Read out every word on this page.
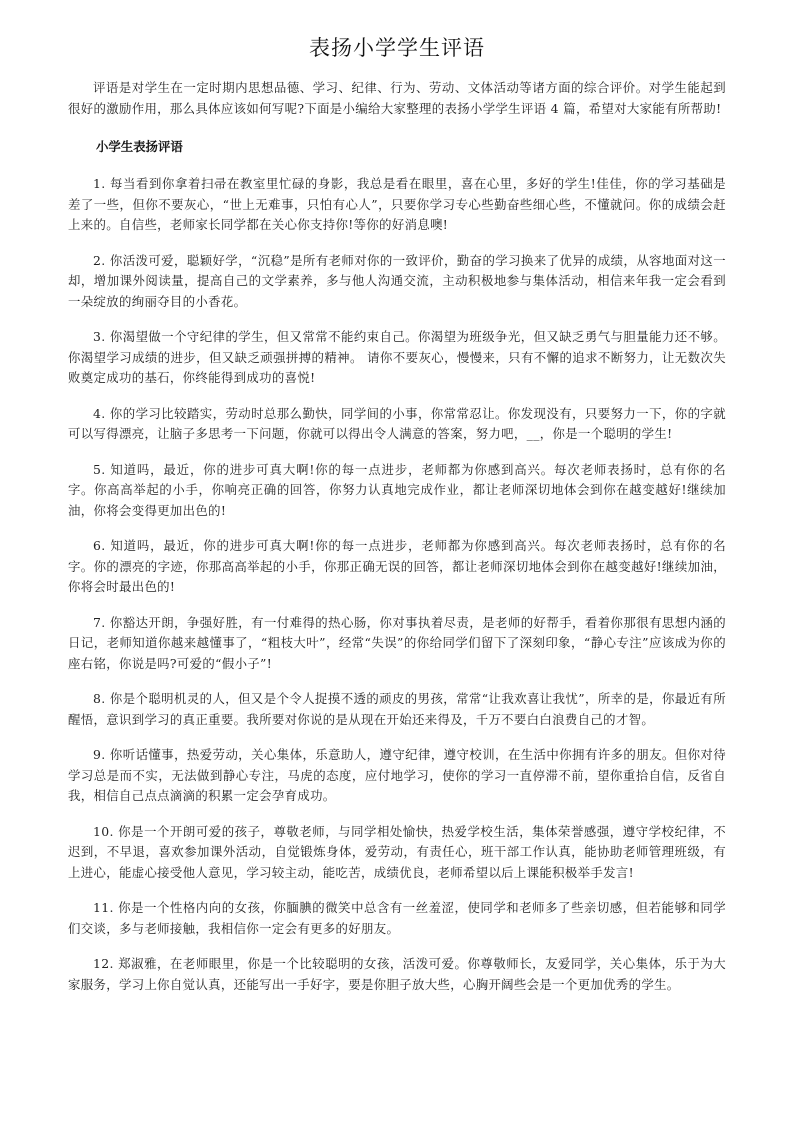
表扬小学学生评语

评语是对学生在一定时期内思想品德、学习、纪律、行为、劳动、文体活动等诸方面的综合评价。对学生能起到很好的激励作用，那么具体应该如何写呢?下面是小编给大家整理的表扬小学学生评语 4 篇，希望对大家能有所帮助!

小学生表扬评语

1. 每当看到你拿着扫帚在教室里忙碌的身影，我总是看在眼里，喜在心里，多好的学生!佳佳，你的学习基础是差了一些，但你不要灰心，“世上无难事，只怕有心人”，只要你学习专心些勤奋些细心些，不懂就问。你的成绩会赶上来的。自信些，老师家长同学都在关心你支持你!等你的好消息噢!

2. 你活泼可爱，聪颖好学，“沉稳”是所有老师对你的一致评价，勤奋的学习换来了优异的成绩，从容地面对这一却，增加课外阅读量，提高自己的文学素养，多与他人沟通交流，主动积极地参与集体活动，相信来年我一定会看到一朵绽放的绚丽夺目的小香花。

3. 你渴望做一个守纪律的学生，但又常常不能约束自己。你渴望为班级争光，但又缺乏勇气与胆量能力还不够。你渴望学习成绩的进步，但又缺乏顽强拼搏的精神。 请你不要灰心，慢慢来，只有不懈的追求不断努力，让无数次失败奠定成功的基石，你终能得到成功的喜悦!

4. 你的学习比较踏实，劳动时总那么勤快，同学间的小事，你常常忍让。你发现没有，只要努力一下，你的字就可以写得漂亮，让脑子多思考一下问题，你就可以得出令人满意的答案，努力吧，__，你是一个聪明的学生!

5. 知道吗，最近，你的进步可真大啊!你的每一点进步，老师都为你感到高兴。每次老师表扬时，总有你的名字。你高高举起的小手，你响亮正确的回答，你努力认真地完成作业，都让老师深切地体会到你在越变越好!继续加油，你将会变得更加出色的!

6. 知道吗，最近，你的进步可真大啊!你的每一点进步，老师都为你感到高兴。每次老师表扬时，总有你的名字。你的漂亮的字迹，你那高高举起的小手，你那正确无误的回答，都让老师深切地体会到你在越变越好!继续加油，你将会时最出色的!

7. 你豁达开朗，争强好胜，有一付难得的热心肠，你对事执着尽责，是老师的好帮手，看着你那很有思想内涵的日记，老师知道你越来越懂事了，“粗枝大叶”，经常“失误”的你给同学们留下了深刻印象，“静心专注”应该成为你的座右铭，你说是吗?可爱的“假小子”!

8. 你是个聪明机灵的人，但又是个令人捉摸不透的顽皮的男孩，常常“让我欢喜让我忧”，所幸的是，你最近有所醒悟，意识到学习的真正重要。我所要对你说的是从现在开始还来得及，千万不要白白浪费自己的才智。

9. 你听话懂事，热爱劳动，关心集体，乐意助人，遵守纪律，遵守校训，在生活中你拥有许多的朋友。但你对待学习总是而不实，无法做到静心专注，马虎的态度，应付地学习，使你的学习一直停滞不前，望你重拾自信，反省自我，相信自己点点滴滴的积累一定会孕育成功。

10. 你是一个开朗可爱的孩子，尊敬老师，与同学相处愉快，热爱学校生活，集体荣誉感强，遵守学校纪律，不迟到，不早退，喜欢参加课外活动，自觉锻炼身体，爱劳动，有责任心，班干部工作认真，能协助老师管理班级，有上进心，能虚心接受他人意见，学习较主动，能吃苦，成绩优良，老师希望以后上课能积极举手发言!

11. 你是一个性格内向的女孩，你腼腆的微笑中总含有一丝羞涩，使同学和老师多了些亲切感，但若能够和同学们交谈，多与老师接触，我相信你一定会有更多的好朋友。

12. 郑淑雅，在老师眼里，你是一个比较聪明的女孩，活泼可爱。你尊敬师长，友爱同学，关心集体，乐于为大家服务，学习上你自觉认真，还能写出一手好字，要是你胆子放大些，心胸开阔些会是一个更加优秀的学生。
